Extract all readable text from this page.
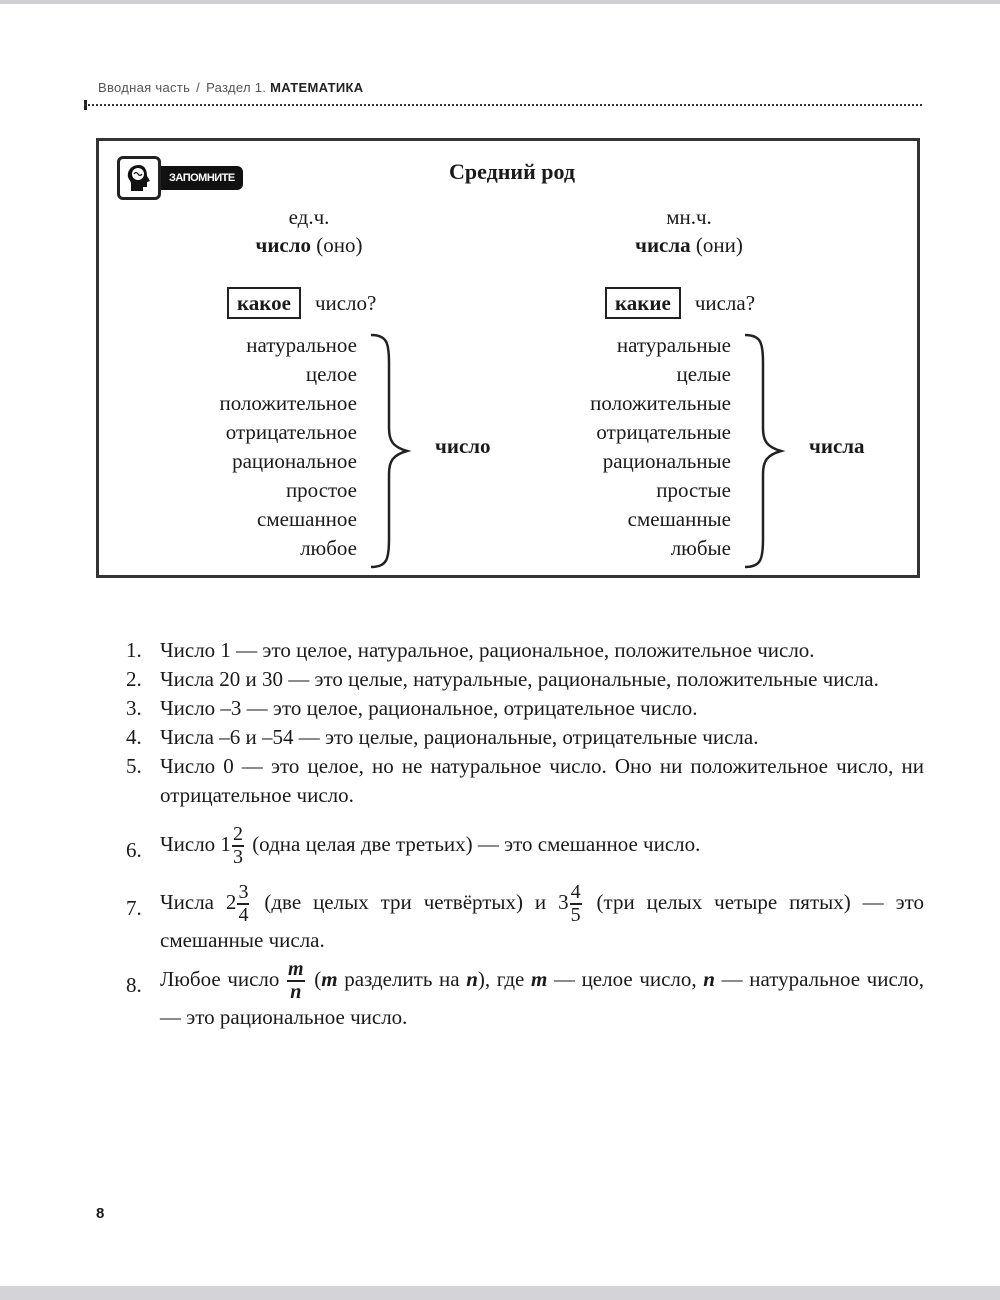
Вводная часть / Раздел 1. МАТЕМАТИКА
ЗАПОМНИТЕ	Средний род
ед.ч.
число (оно)
какое	число?
натуральное
целое
положительное
отрицательное
рациональное
простое
смешанное
любое
число
мн.ч.
числа (они)
какие	числа?
натуральные
целые
положительные
отрицательные
рациональные
простые
смешанные
любые
числа
1. Число 1 — это целое, натуральное, рациональное, положительное число.
2. Числа 20 и 30 — это целые, натуральные, рациональные, положительные числа.
3. Число –3 — это целое, рациональное, отрицательное число.
4. Числа –6 и –54 — это целые, рациональные, отрицательные числа.
5. Число 0 — это целое, но не натуральное число. Оно ни положительное число, ни отрицательное число.
6. Число $1 \frac{2}{3}$ (одна целая две третьих) — это смешанное число.
7. Числа $2 \frac{3}{4} (две$ целых три четвёртых) и $3 \frac{4}{5} (три$ целых четыре пятых) — это смешанные числа.
8. Любое число $\frac{m}{n} (m$ разделить на n), где m — целое число, n — натуральное число, — это рациональное число.
8
